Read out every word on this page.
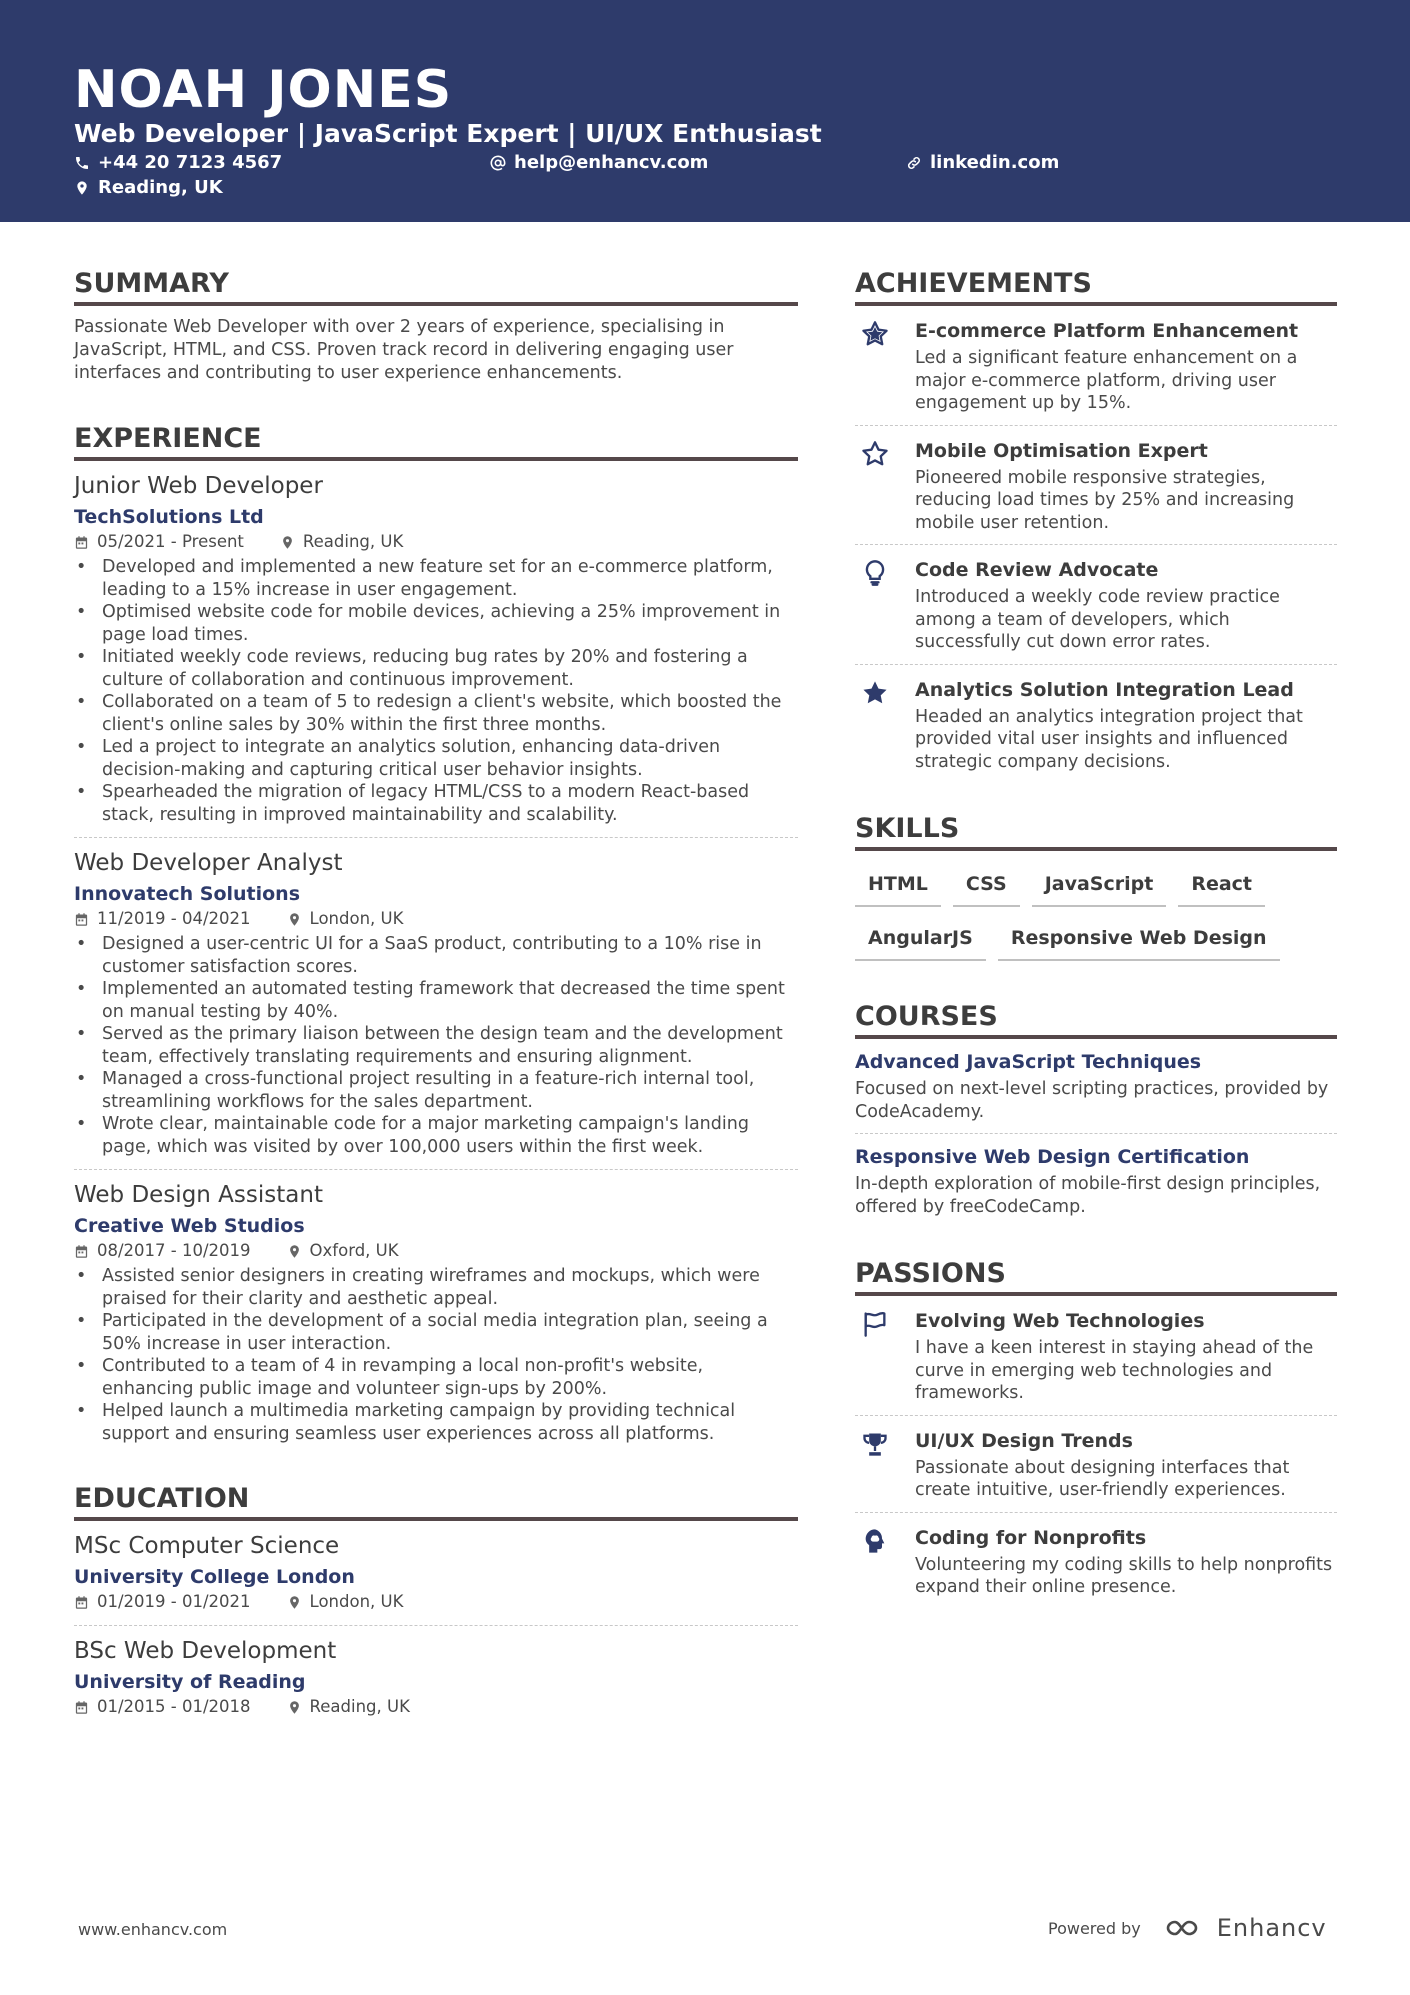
NOAH JONES
Web Developer | JavaScript Expert | UI/UX Enthusiast
+44 20 7123 4567	help@enhancv.com	linkedin.com
Reading, UK
SUMMARY

Passionate Web Developer with over 2 years of experience, specialising in JavaScript, HTML, and CSS. Proven track record in delivering engaging user interfaces and contributing to user experience enhancements.

EXPERIENCE
Junior Web Developer
TechSolutions Ltd
05/2021 - Present	Reading, UK
• Developed and implemented a new feature set for an e-commerce platform, leading to a 15% increase in user engagement.
• Optimised website code for mobile devices, achieving a 25% improvement in page load times.
• Initiated weekly code reviews, reducing bug rates by 20% and fostering a culture of collaboration and continuous improvement.
• Collaborated on a team of 5 to redesign a client's website, which boosted the client's online sales by 30% within the first three months.
• Led a project to integrate an analytics solution, enhancing data-driven decision-making and capturing critical user behavior insights.
• Spearheaded the migration of legacy HTML/CSS to a modern React-based stack, resulting in improved maintainability and scalability.
Web Developer Analyst
Innovatech Solutions
11/2019 - 04/2021	London, UK
• Designed a user-centric UI for a SaaS product, contributing to a 10% rise in customer satisfaction scores.
• Implemented an automated testing framework that decreased the time spent on manual testing by 40%.
• Served as the primary liaison between the design team and the development team, effectively translating requirements and ensuring alignment.
• Managed a cross-functional project resulting in a feature-rich internal tool, streamlining workflows for the sales department.
• Wrote clear, maintainable code for a major marketing campaign's landing page, which was visited by over 100,000 users within the first week.
Web Design Assistant
Creative Web Studios
08/2017 - 10/2019	Oxford, UK
• Assisted senior designers in creating wireframes and mockups, which were praised for their clarity and aesthetic appeal.
• Participated in the development of a social media integration plan, seeing a 50% increase in user interaction.
• Contributed to a team of 4 in revamping a local non-profit's website, enhancing public image and volunteer sign-ups by 200%.
• Helped launch a multimedia marketing campaign by providing technical support and ensuring seamless user experiences across all platforms.
EDUCATION
MSc Computer Science
University College London
01/2019 - 01/2021	London, UK
BSc Web Development
University of Reading
01/2015 - 01/2018	Reading, UK
ACHIEVEMENTS
E-commerce Platform Enhancement
Led a significant feature enhancement on a major e-commerce platform, driving user engagement up by 15%.
Mobile Optimisation Expert
Pioneered mobile responsive strategies, reducing load times by 25% and increasing mobile user retention.
Code Review Advocate
Introduced a weekly code review practice among a team of developers, which successfully cut down error rates.
Analytics Solution Integration Lead
Headed an analytics integration project that provided vital user insights and influenced strategic company decisions.
SKILLS
HTML	CSS	JavaScript	React
AngularJS	Responsive Web Design
COURSES
Advanced JavaScript Techniques
Focused on next-level scripting practices, provided by CodeAcademy.
Responsive Web Design Certification
In-depth exploration of mobile-first design principles, offered by freeCodeCamp.
PASSIONS
Evolving Web Technologies
I have a keen interest in staying ahead of the curve in emerging web technologies and frameworks.
UI/UX Design Trends
Passionate about designing interfaces that create intuitive, user-friendly experiences.
Coding for Nonprofits
Volunteering my coding skills to help nonprofits expand their online presence.
www.enhancv.com	Powered by	Enhancv
